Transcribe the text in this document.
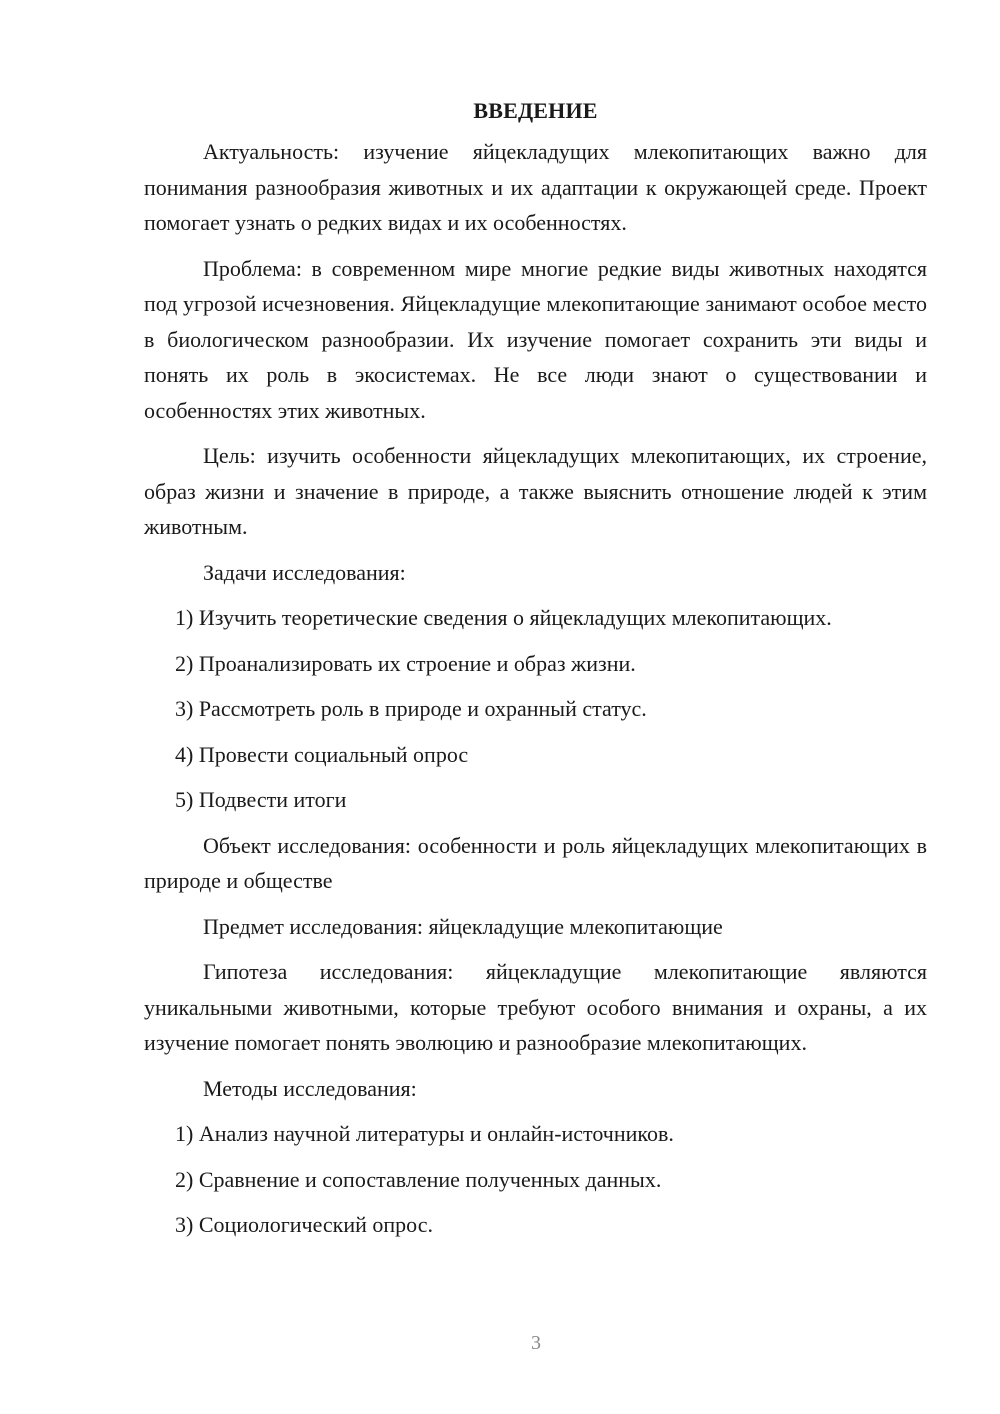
ВВЕДЕНИЕ

Актуальность: изучение яйцекладущих млекопитающих важно для понимания разнообразия животных и их адаптации к окружающей среде. Проект помогает узнать о редких видах и их особенностях.

Проблема: в современном мире многие редкие виды животных находятся под угрозой исчезновения. Яйцекладущие млекопитающие занимают особое место в биологическом разнообразии. Их изучение помогает сохранить эти виды и понять их роль в экосистемах. Не все люди знают о существовании и особенностях этих животных.

Цель: изучить особенности яйцекладущих млекопитающих, их строение, образ жизни и значение в природе, а также выяснить отношение людей к этим животным.

Задачи исследования:
1) Изучить теоретические сведения о яйцекладущих млекопитающих.
2) Проанализировать их строение и образ жизни.
3) Рассмотреть роль в природе и охранный статус.
4) Провести социальный опрос
5) Подвести итоги

Объект исследования: особенности и роль яйцекладущих млекопитающих в природе и обществе

Предмет исследования: яйцекладущие млекопитающие

Гипотеза исследования: яйцекладущие млекопитающие являются уникальными животными, которые требуют особого внимания и охраны, а их изучение помогает понять эволюцию и разнообразие млекопитающих.

Методы исследования:
1) Анализ научной литературы и онлайн-источников.
2) Сравнение и сопоставление полученных данных.
3) Социологический опрос.
3
